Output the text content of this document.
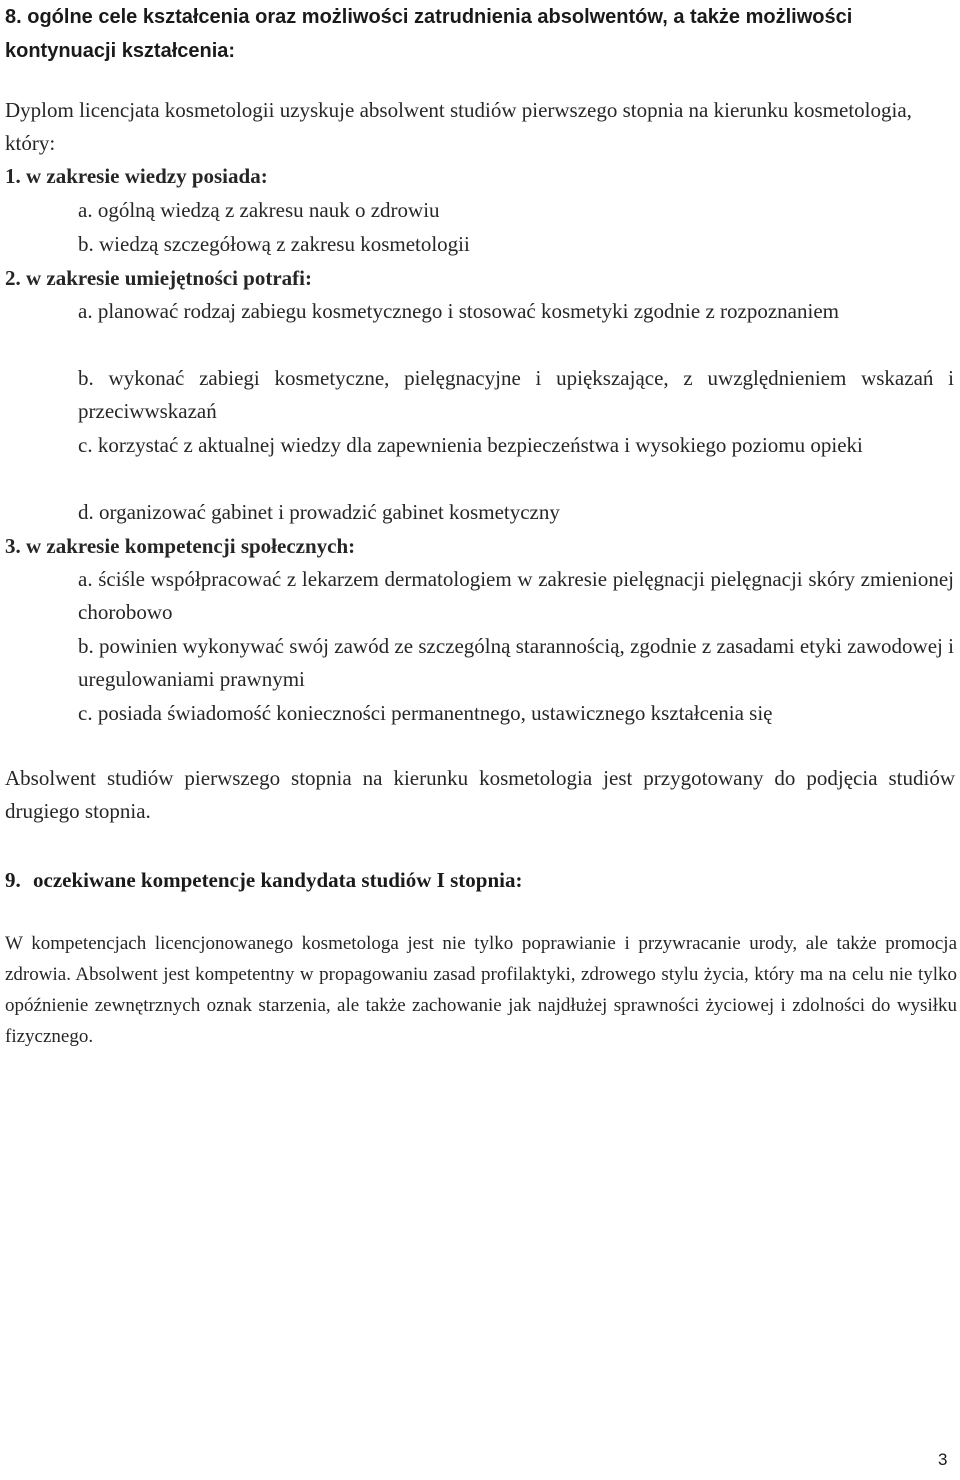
8. ogólne cele kształcenia oraz możliwości zatrudnienia absolwentów, a także możliwości kontynuacji kształcenia:
Dyplom licencjata kosmetologii uzyskuje absolwent studiów pierwszego stopnia na kierunku kosmetologia, który:
1. w zakresie wiedzy posiada:
a. ogólną wiedzą z zakresu nauk o zdrowiu
b. wiedzą szczegółową z zakresu kosmetologii
2. w zakresie umiejętności potrafi:
a. planować rodzaj zabiegu kosmetycznego i stosować kosmetyki zgodnie z rozpoznaniem
b. wykonać zabiegi kosmetyczne, pielęgnacyjne i upiększające, z uwzględnieniem wskazań i przeciwwskazań
c. korzystać z aktualnej wiedzy dla zapewnienia bezpieczeństwa i wysokiego poziomu opieki
d. organizować gabinet i prowadzić gabinet kosmetyczny
3. w zakresie kompetencji społecznych:
a. ściśle współpracować z lekarzem dermatologiem w zakresie pielęgnacji pielęgnacji skóry zmienionej chorobowo
b. powinien wykonywać swój zawód ze szczególną starannością, zgodnie z zasadami etyki zawodowej i uregulowaniami prawnymi
c. posiada świadomość konieczności permanentnego, ustawicznego kształcenia się
Absolwent studiów pierwszego stopnia na kierunku kosmetologia jest przygotowany do podjęcia studiów drugiego stopnia.
9. oczekiwane kompetencje kandydata studiów I stopnia:
W kompetencjach licencjonowanego kosmetologa jest nie tylko poprawianie i przywracanie urody, ale także promocja zdrowia. Absolwent jest kompetentny w propagowaniu zasad profilaktyki, zdrowego stylu życia, który ma na celu nie tylko opóźnienie zewnętrznych oznak starzenia, ale także zachowanie jak najdłużej sprawności życiowej i zdolności do wysiłku fizycznego.
3
